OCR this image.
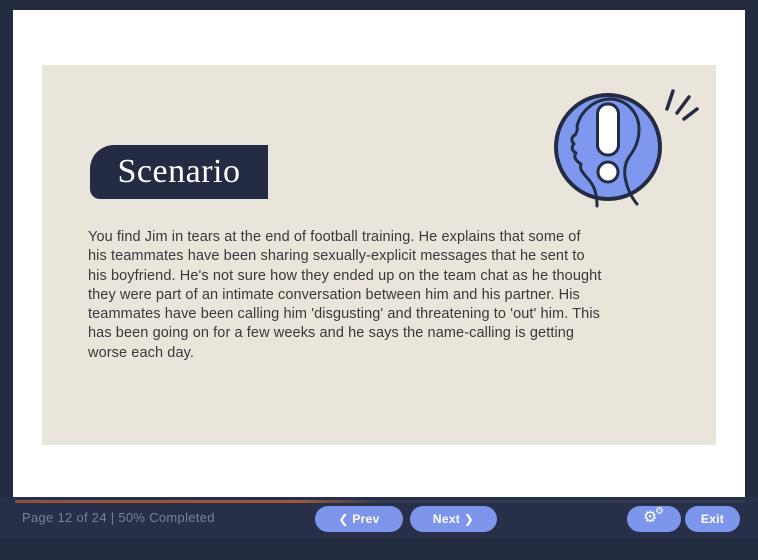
Scenario

You find Jim in tears at the end of football training. He explains that some of his teammates have been sharing sexually-explicit messages that he sent to his boyfriend. He's not sure how they ended up on the team chat as he thought they were part of an intimate conversation between him and his partner. His teammates have been calling him 'disgusting' and threatening to 'out' him. This has been going on for a few weeks and he says the name-calling is getting worse each day.

Page 12 of 24 | 50% Completed	❮ Prev	Next ❯	⚙
⚙
Exit
